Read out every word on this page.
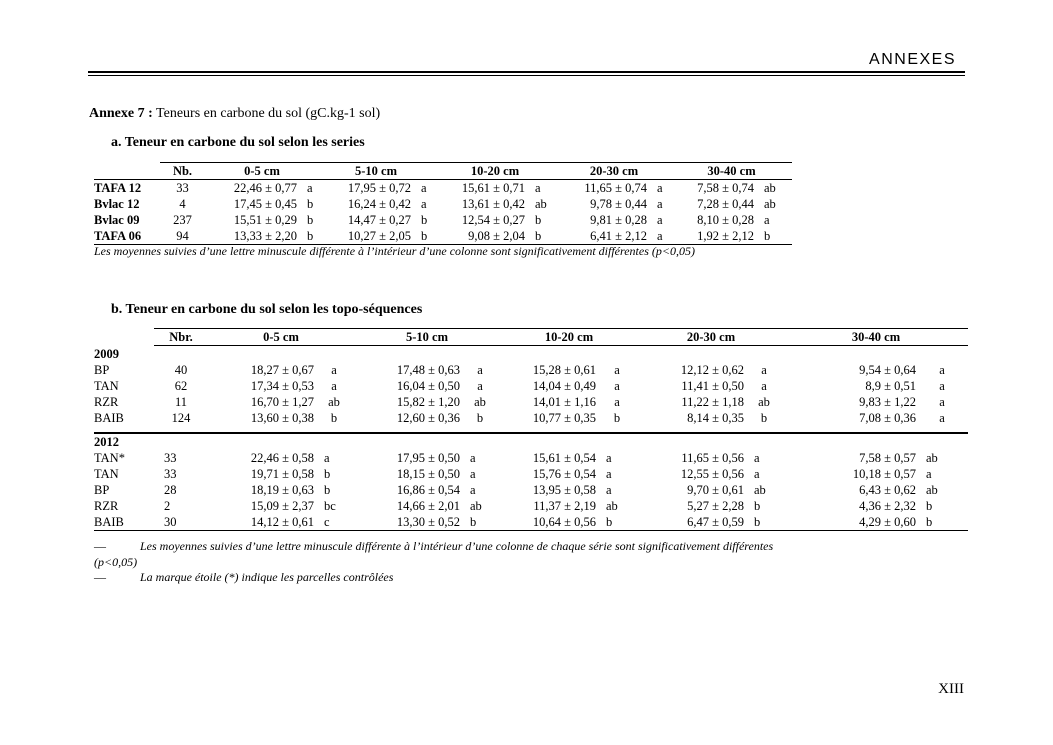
ANNEXES
Annexe 7 : Teneurs en carbone du sol (gC.kg-1 sol)
a. Teneur en carbone du sol selon les series
	Nb.	0-5 cm		5-10 cm		10-20 cm		20-30 cm		30-40 cm	
TAFA 12	33	22,46 ± 0,77	a	17,95 ± 0,72	a	15,61 ± 0,71	a	11,65 ± 0,74	a	7,58 ± 0,74	ab
Bvlac 12	4	17,45 ± 0,45	b	16,24 ± 0,42	a	13,61 ± 0,42	ab	9,78 ± 0,44	a	7,28 ± 0,44	ab
Bvlac 09	237	15,51 ± 0,29	b	14,47 ± 0,27	b	12,54 ± 0,27	b	9,81 ± 0,28	a	8,10 ± 0,28	a
TAFA 06	94	13,33 ± 2,20	b	10,27 ± 2,05	b	9,08 ± 2,04	b	6,41 ± 2,12	a	1,92 ± 2,12	b
Les moyennes suivies d’une lettre minuscule différente à l’intérieur d’une colonne sont significativement différentes (p<0,05)
b. Teneur en carbone du sol selon les topo-séquences
	Nbr.	0-5 cm		5-10 cm		10-20 cm		20-30 cm		30-40 cm	
2009											
BP	40	18,27 ± 0,67	a	17,48 ± 0,63	a	15,28 ± 0,61	a	12,12 ± 0,62	a	9,54 ± 0,64	a
TAN	62	17,34 ± 0,53	a	16,04 ± 0,50	a	14,04 ± 0,49	a	11,41 ± 0,50	a	8,9 ± 0,51	a
RZR	11	16,70 ± 1,27	ab	15,82 ± 1,20	ab	14,01 ± 1,16	a	11,22 ± 1,18	ab	9,83 ± 1,22	a
BAIB	124	13,60 ± 0,38	b	12,60 ± 0,36	b	10,77 ± 0,35	b	8,14 ± 0,35	b	7,08 ± 0,36	a

2012											
TAN*	33	22,46 ± 0,58	a	17,95 ± 0,50	a	15,61 ± 0,54	a	11,65 ± 0,56	a	7,58 ± 0,57	ab
TAN	33	19,71 ± 0,58	b	18,15 ± 0,50	a	15,76 ± 0,54	a	12,55 ± 0,56	a	10,18 ± 0,57	a
BP	28	18,19 ± 0,63	b	16,86 ± 0,54	a	13,95 ± 0,58	a	9,70 ± 0,61	ab	6,43 ± 0,62	ab
RZR	2	15,09 ± 2,37	bc	14,66 ± 2,01	ab	11,37 ± 2,19	ab	5,27 ± 2,28	b	4,36 ± 2,32	b
BAIB	30	14,12 ± 0,61	c	13,30 ± 0,52	b	10,64 ± 0,56	b	6,47 ± 0,59	b	4,29 ± 0,60	b
—	Les moyennes suivies d’une lettre minuscule différente à l’intérieur d’une colonne de chaque série sont significativement différentes
(p<0,05)
—	La marque étoile (*) indique les parcelles contrôlées
XIII
